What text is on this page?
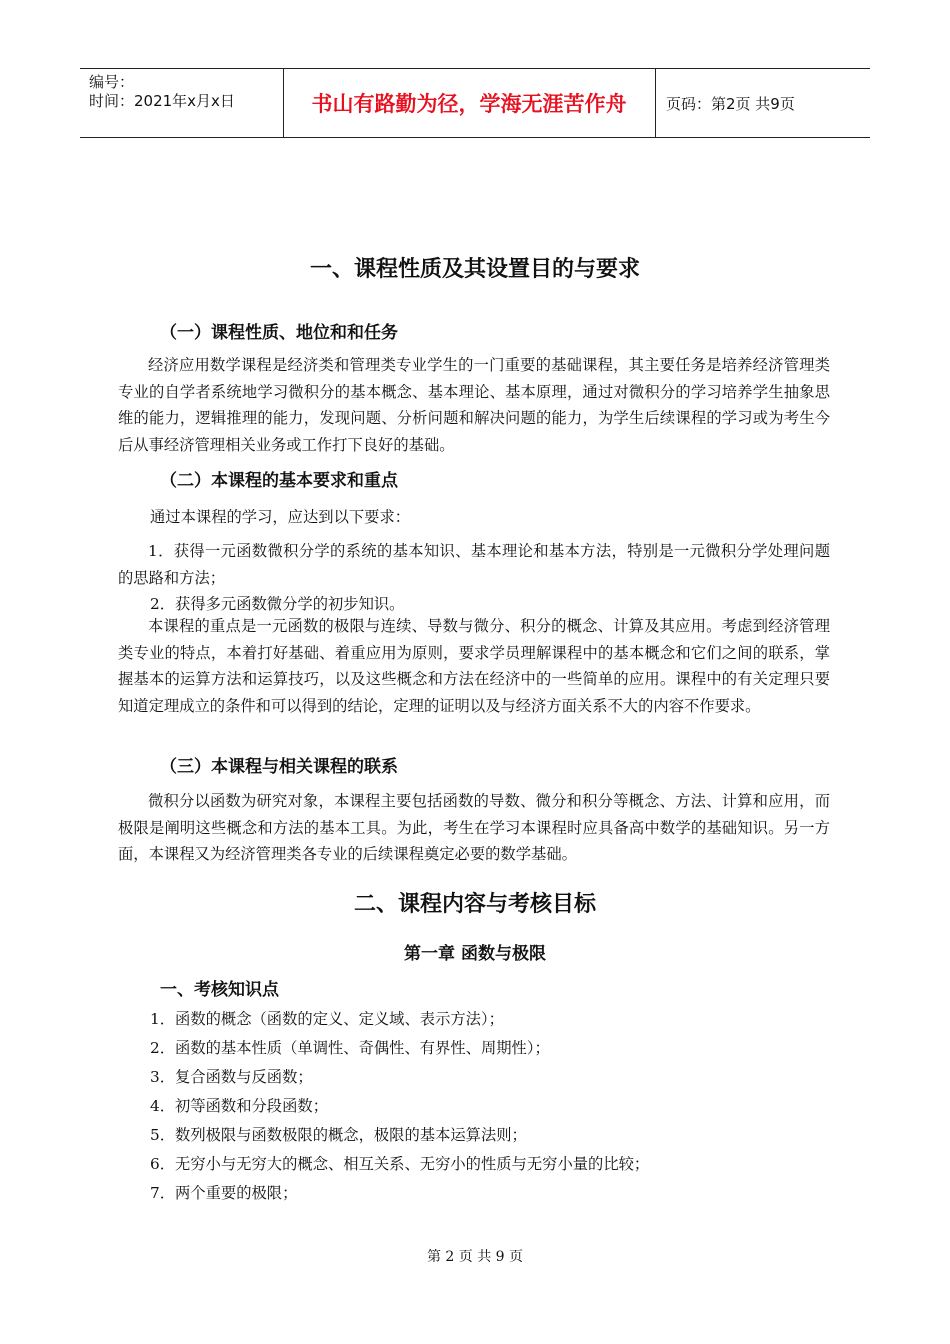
编号：
时间：2021年x月x日	书山有路勤为径，学海无涯苦作舟	页码：第2页 共9页
一、课程性质及其设置目的与要求
（一）课程性质、地位和和任务
经济应用数学课程是经济类和管理类专业学生的一门重要的基础课程，其主要任务是培养经济管理类专业的自学者系统地学习微积分的基本概念、基本理论、基本原理，通过对微积分的学习培养学生抽象思维的能力，逻辑推理的能力，发现问题、分析问题和解决问题的能力，为学生后续课程的学习或为考生今后从事经济管理相关业务或工作打下良好的基础。
（二）本课程的基本要求和重点
通过本课程的学习，应达到以下要求：
1．获得一元函数微积分学的系统的基本知识、基本理论和基本方法，特别是一元微积分学处理问题的思路和方法；
2．获得多元函数微分学的初步知识。
本课程的重点是一元函数的极限与连续、导数与微分、积分的概念、计算及其应用。考虑到经济管理类专业的特点，本着打好基础、着重应用为原则，要求学员理解课程中的基本概念和它们之间的联系，掌握基本的运算方法和运算技巧，以及这些概念和方法在经济中的一些简单的应用。课程中的有关定理只要知道定理成立的条件和可以得到的结论，定理的证明以及与经济方面关系不大的内容不作要求。
（三）本课程与相关课程的联系
微积分以函数为研究对象，本课程主要包括函数的导数、微分和积分等概念、方法、计算和应用，而极限是阐明这些概念和方法的基本工具。为此，考生在学习本课程时应具备高中数学的基础知识。另一方面，本课程又为经济管理类各专业的后续课程奠定必要的数学基础。
二、课程内容与考核目标
第一章 函数与极限
一、考核知识点
1．函数的概念（函数的定义、定义域、表示方法）；
2．函数的基本性质（单调性、奇偶性、有界性、周期性）；
3．复合函数与反函数；
4．初等函数和分段函数；
5．数列极限与函数极限的概念，极限的基本运算法则；
6．无穷小与无穷大的概念、相互关系、无穷小的性质与无穷小量的比较；
7．两个重要的极限；
第 2 页 共 9 页
